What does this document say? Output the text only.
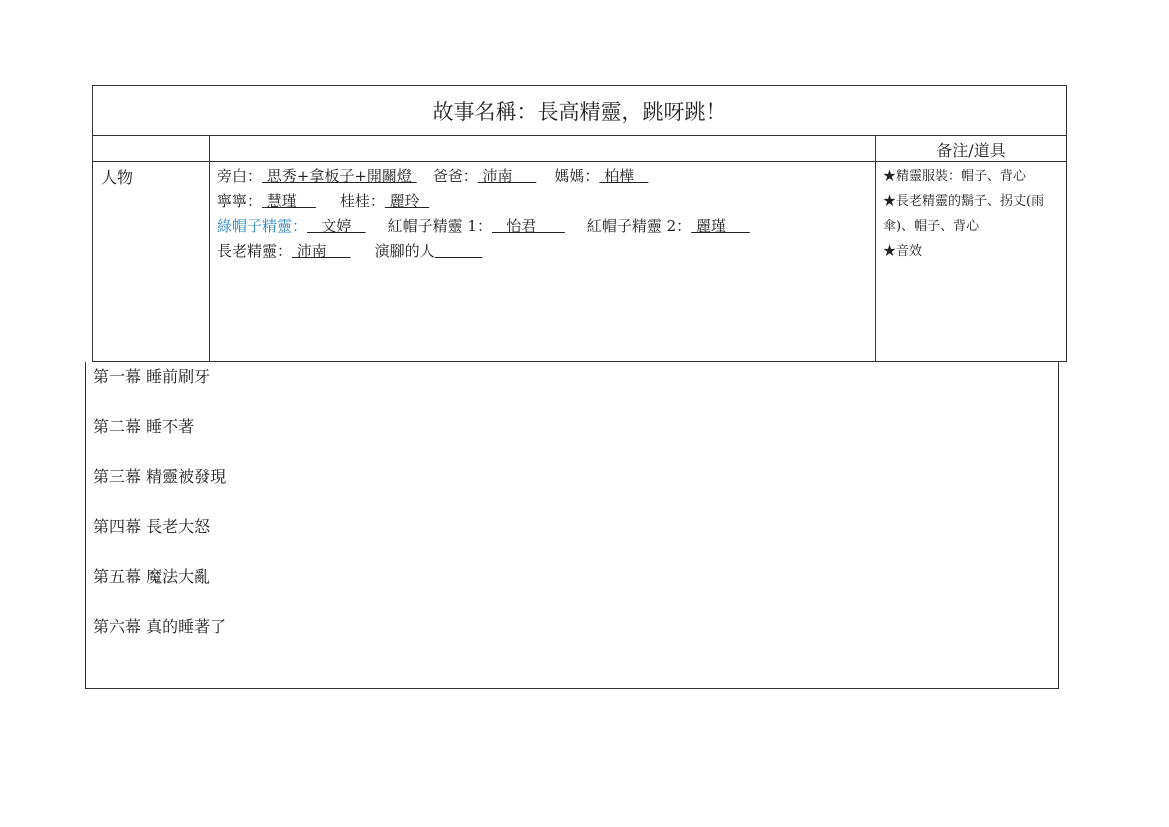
故事名稱：長高精靈，跳呀跳！
备注/道具
人物	旁白： 思秀+拿板子+開關燈 爸爸： 沛南     媽媽： 柏樺
寧寧： 慧瑾    桂桂： 麗玲
綠帽子精靈：   文婷   紅帽子精靈 1：   怡君      紅帽子精靈 2： 麗瑾
長老精靈： 沛南     演腳的人
★精靈服裝：帽子、背心
★長老精靈的鬍子、拐丈(雨
傘)、帽子、背心
★音效
第一幕 睡前刷牙
第二幕 睡不著
第三幕 精靈被發現
第四幕 長老大怒
第五幕 魔法大亂
第六幕 真的睡著了
